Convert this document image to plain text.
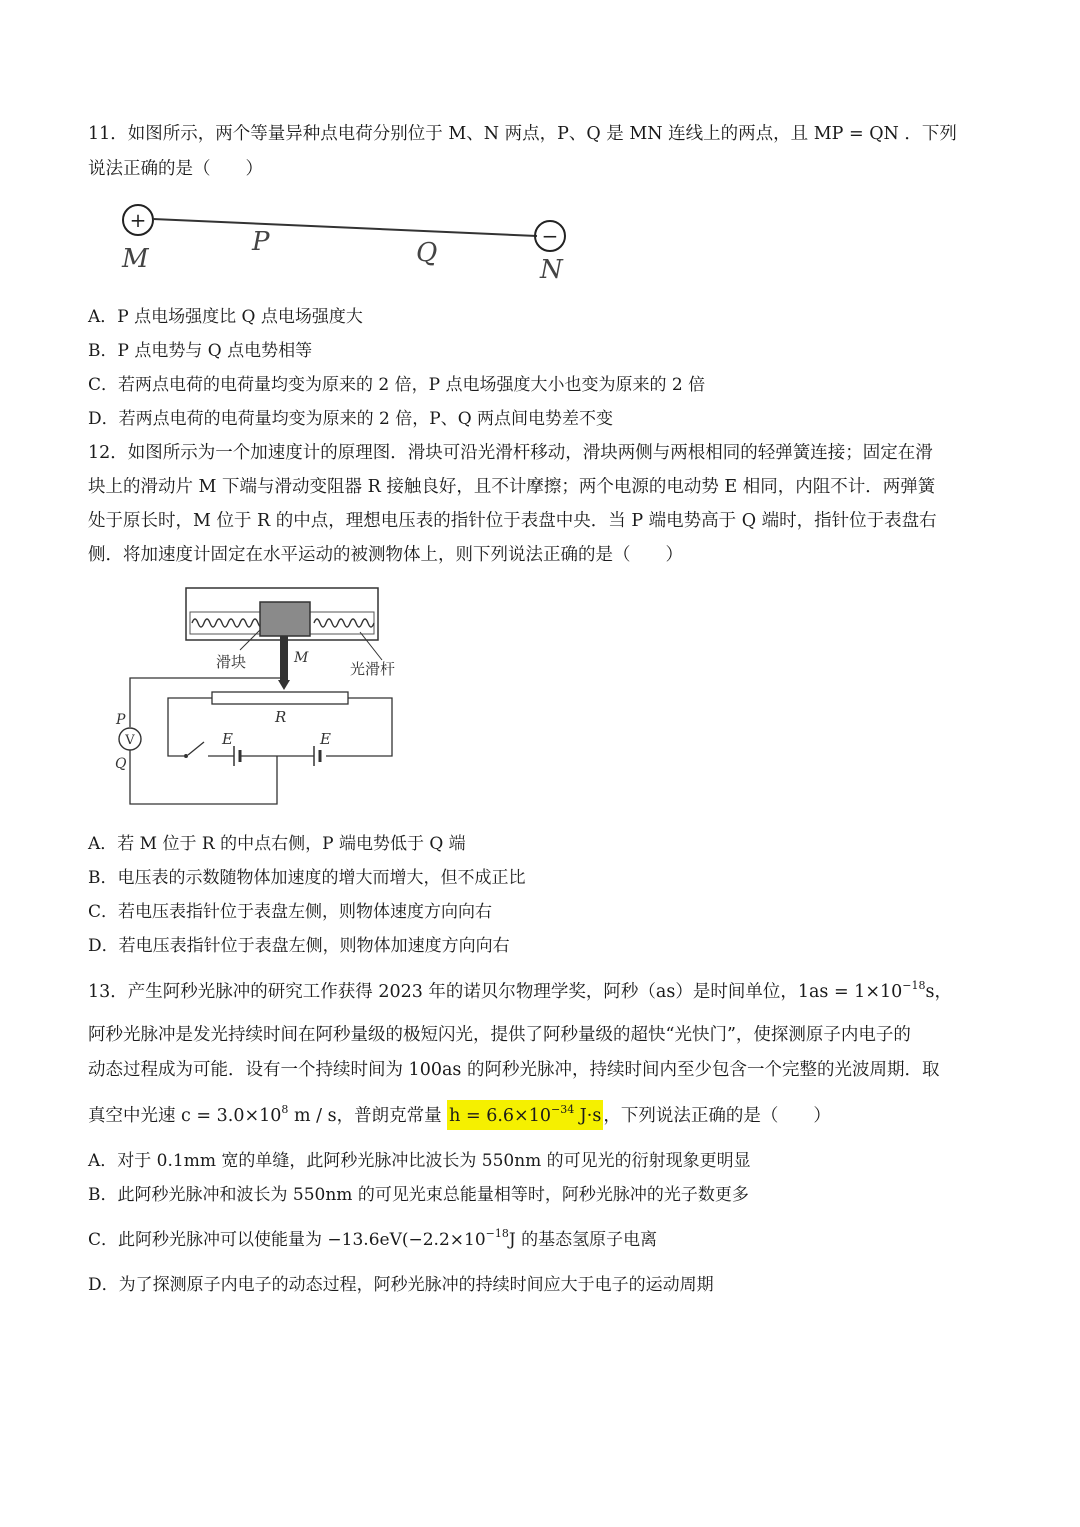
11．如图所示，两个等量异种点电荷分别位于 M、N 两点，P、Q 是 MN 连线上的两点，且 MP = QN ．下列
说法正确的是（　　）
+
−
M
P	Q
N
A．P 点电场强度比 Q 点电场强度大
B．P 点电势与 Q 点电势相等
C．若两点电荷的电荷量均变为原来的 2 倍，P 点电场强度大小也变为原来的 2 倍
D．若两点电荷的电荷量均变为原来的 2 倍，P、Q 两点间电势差不变
12．如图所示为一个加速度计的原理图．滑块可沿光滑杆移动，滑块两侧与两根相同的轻弹簧连接；固定在滑
块上的滑动片 M 下端与滑动变阻器 R 接触良好，且不计摩擦；两个电源的电动势 E 相同，内阻不计．两弹簧
处于原长时，M 位于 R 的中点，理想电压表的指针位于表盘中央．当 P 端电势高于 Q 端时，指针位于表盘右
侧．将加速度计固定在水平运动的被测物体上，则下列说法正确的是（　　）
滑块	M
光滑杆
R
E	E
V
P
Q
A．若 M 位于 R 的中点右侧，P 端电势低于 Q 端
B．电压表的示数随物体加速度的增大而增大，但不成正比
C．若电压表指针位于表盘左侧，则物体速度方向向右
D．若电压表指针位于表盘左侧，则物体加速度方向向右
13．产生阿秒光脉冲的研究工作获得 2023 年的诺贝尔物理学奖，阿秒（as）是时间单位，$1as = 1\times 10^{-18}s$，
阿秒光脉冲是发光持续时间在阿秒量级的极短闪光，提供了阿秒量级的超快“光快门”，使探测原子内电子的
动态过程成为可能．设有一个持续时间为 100as 的阿秒光脉冲，持续时间内至少包含一个完整的光波周期．取
真空中光速 $c = 3.0\times 10^8$ m / s，普朗克常量 $h = 6.6\times 10^{-34}$ J·s ，下列说法正确的是（　　）
A．对于 0.1mm 宽的单缝，此阿秒光脉冲比波长为 550nm 的可见光的衍射现象更明显
B．此阿秒光脉冲和波长为 550nm 的可见光束总能量相等时，阿秒光脉冲的光子数更多
C．此阿秒光脉冲可以使能量为 $-13.6eV(-2.2\times 10^{-18}J$ 的基态氢原子电离
D．为了探测原子内电子的动态过程，阿秒光脉冲的持续时间应大于电子的运动周期
